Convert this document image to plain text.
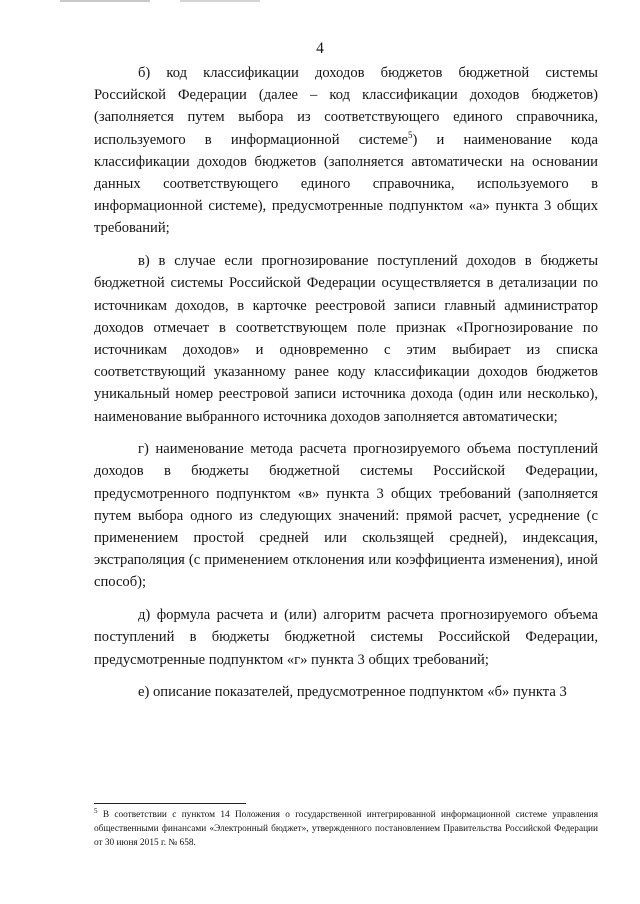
4

б) код классификации доходов бюджетов бюджетной системы Российской Федерации (далее – код классификации доходов бюджетов) (заполняется путем выбора из соответствующего единого справочника, используемого в информационной системе$^5$) и наименование кода классификации доходов бюджетов (заполняется автоматически на основании данных соответствующего единого справочника, используемого в информационной системе), предусмотренные подпунктом «а» пункта 3 общих требований;

в) в случае если прогнозирование поступлений доходов в бюджеты бюджетной системы Российской Федерации осуществляется в детализации по источникам доходов, в карточке реестровой записи главный администратор доходов отмечает в соответствующем поле признак «Прогнозирование по источникам доходов» и одновременно с этим выбирает из списка соответствующий указанному ранее коду классификации доходов бюджетов уникальный номер реестровой записи источника дохода (один или несколько), наименование выбранного источника доходов заполняется автоматически;

г) наименование метода расчета прогнозируемого объема поступлений доходов в бюджеты бюджетной системы Российской Федерации, предусмотренного подпунктом «в» пункта 3 общих требований (заполняется путем выбора одного из следующих значений: прямой расчет, усреднение (с применением простой средней или скользящей средней), индексация, экстраполяция (с применением отклонения или коэффициента изменения), иной способ);

д) формула расчета и (или) алгоритм расчета прогнозируемого объема поступлений в бюджеты бюджетной системы Российской Федерации, предусмотренные подпунктом «г» пункта 3 общих требований;

е) описание показателей, предусмотренное подпунктом «б» пункта 3

$^5$ В соответствии с пунктом 14 Положения о государственной интегрированной информационной системе управления общественными финансами «Электронный бюджет», утвержденного постановлением Правительства Российской Федерации от 30 июня 2015 г. № 658.
